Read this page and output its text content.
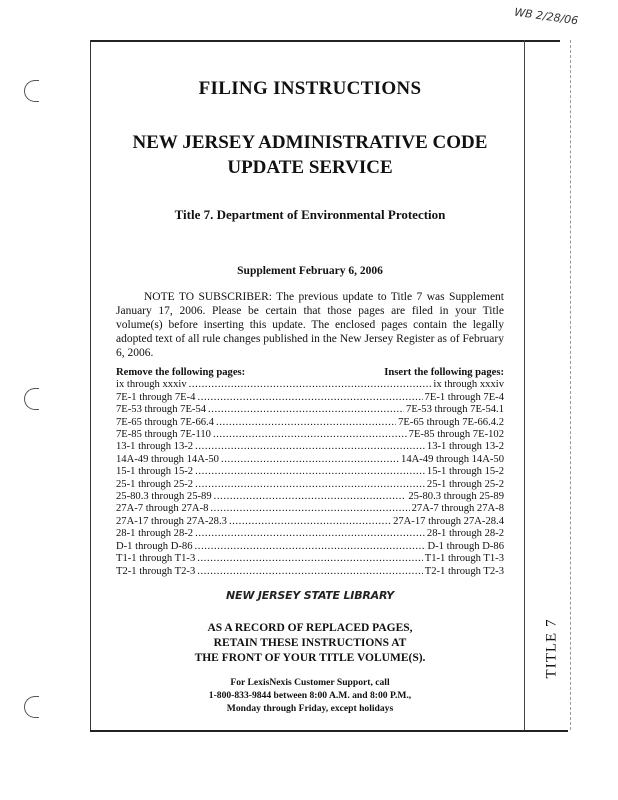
WB 2/28/06
FILING INSTRUCTIONS
NEW JERSEY ADMINISTRATIVE CODE
UPDATE SERVICE
Title 7. Department of Environmental Protection
Supplement February 6, 2006

NOTE TO SUBSCRIBER: The previous update to Title 7 was Supplement January 17, 2006. Please be certain that those pages are filed in your Title volume(s) before inserting this update. The enclosed pages contain the legally adopted text of all rule changes published in the New Jersey Register as of February 6, 2006.

Remove the following pages:	Insert the following pages:
ix through xxxiv .....	ix through xxxiv
7E-1 through 7E-4 .....	7E-1 through 7E-4
7E-53 through 7E-54 .....	7E-53 through 7E-54.1
7E-65 through 7E-66.4 .....	7E-65 through 7E-66.4.2
7E-85 through 7E-110 .....	7E-85 through 7E-102
13-1 through 13-2 .....	13-1 through 13-2
14A-49 through 14A-50 .....	14A-49 through 14A-50
15-1 through 15-2 .....	15-1 through 15-2
25-1 through 25-2 .....	25-1 through 25-2
25-80.3 through 25-89 .....	25-80.3 through 25-89
27A-7 through 27A-8 .....	27A-7 through 27A-8
27A-17 through 27A-28.3 .....	27A-17 through 27A-28.4
28-1 through 28-2 .....	28-1 through 28-2
D-1 through D-86 .....	D-1 through D-86
T1-1 through T1-3 .....	T1-1 through T1-3
T2-1 through T2-3 .....	T2-1 through T2-3
NEW JERSEY STATE LIBRARY
AS A RECORD OF REPLACED PAGES,
RETAIN THESE INSTRUCTIONS AT
THE FRONT OF YOUR TITLE VOLUME(S).
For LexisNexis Customer Support, call
1-800-833-9844 between 8:00 A.M. and 8:00 P.M.,
Monday through Friday, except holidays
TITLE 7
